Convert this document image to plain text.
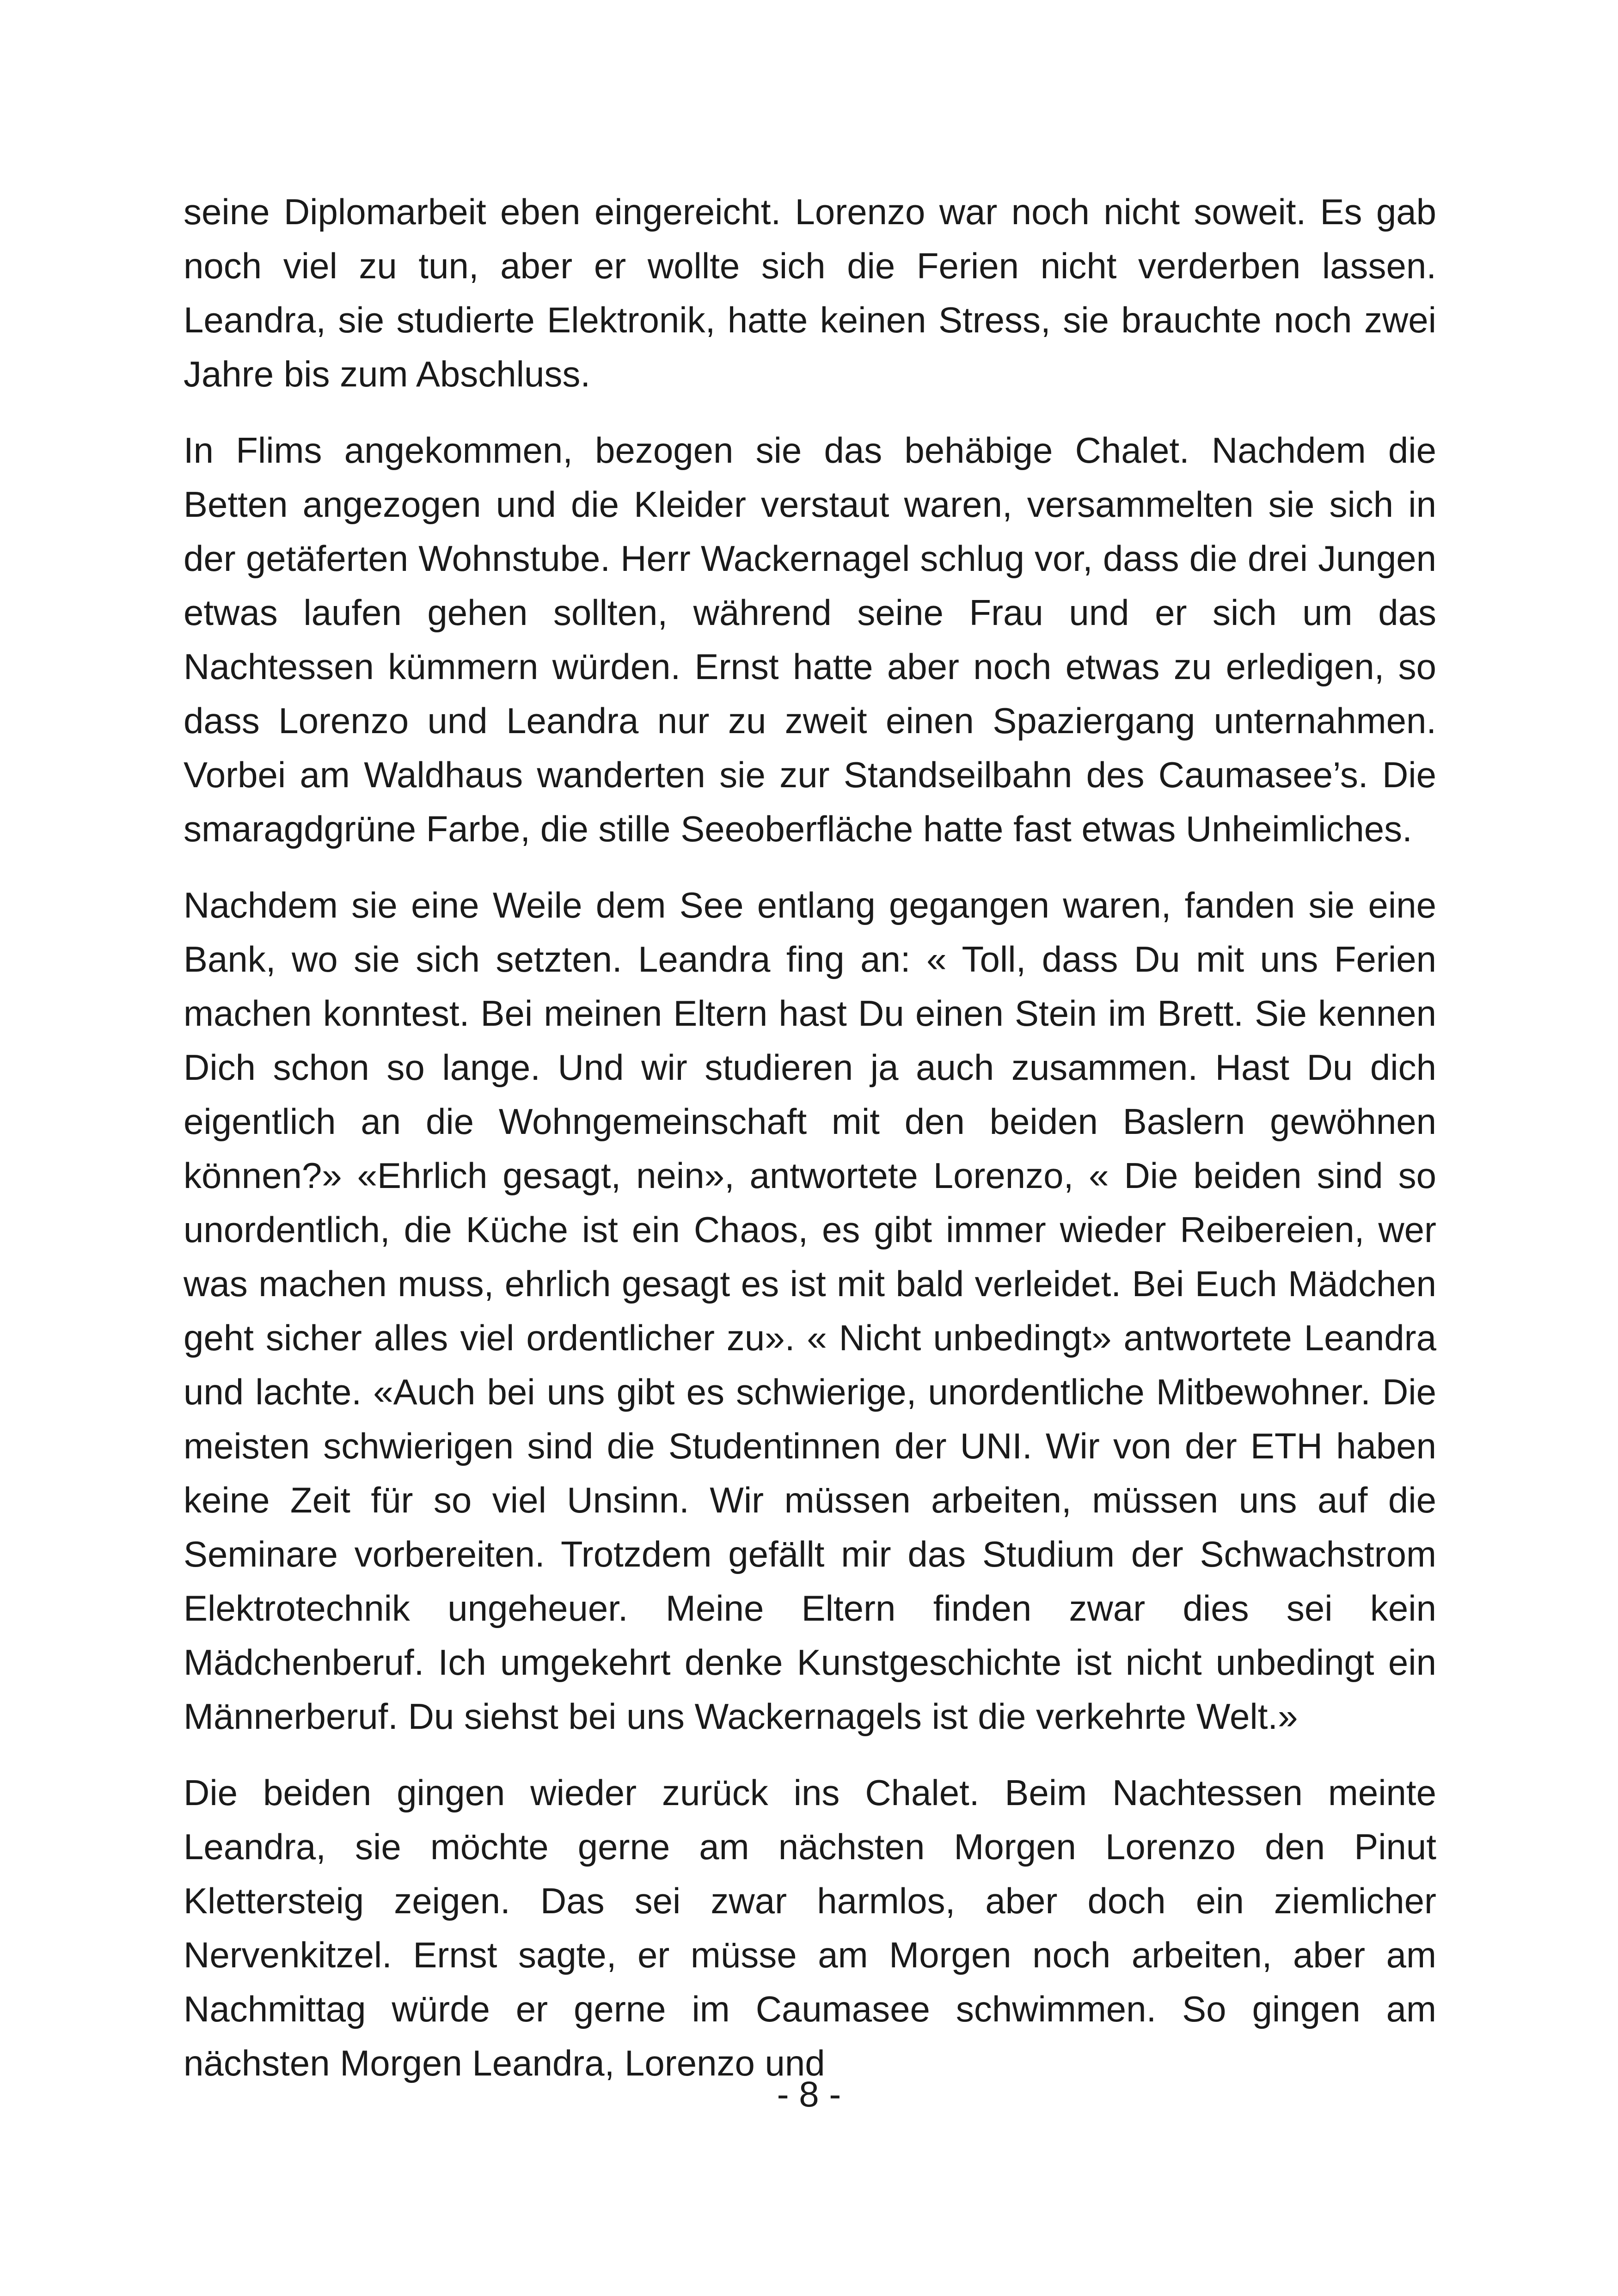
seine Diplomarbeit eben eingereicht. Lorenzo war noch nicht soweit. Es gab noch viel zu tun, aber er wollte sich die Ferien nicht verderben lassen. Leandra, sie studierte Elektronik, hatte keinen Stress, sie brauchte noch zwei Jahre bis zum Abschluss.

In Flims angekommen, bezogen sie das behäbige Chalet. Nachdem die Betten angezogen und die Kleider verstaut waren, versammelten sie sich in der getäferten Wohnstube. Herr Wackernagel schlug vor, dass die drei Jungen etwas laufen gehen sollten, während seine Frau und er sich um das Nachtessen kümmern würden. Ernst hatte aber noch etwas zu erledigen, so dass Lorenzo und Leandra nur zu zweit einen Spaziergang unternahmen. Vorbei am Waldhaus wanderten sie zur Standseilbahn des Caumasee’s. Die smaragdgrüne Farbe, die stille Seeoberfläche hatte fast etwas Unheimliches.

Nachdem sie eine Weile dem See entlang gegangen waren, fanden sie eine Bank, wo sie sich setzten. Leandra fing an: « Toll, dass Du mit uns Ferien machen konntest. Bei meinen Eltern hast Du einen Stein im Brett. Sie kennen Dich schon so lange. Und wir studieren ja auch zusammen. Hast Du dich eigentlich an die Wohngemeinschaft mit den beiden Baslern gewöhnen können?» «Ehrlich gesagt, nein», antwortete Lorenzo, « Die beiden sind so unordentlich, die Küche ist ein Chaos, es gibt immer wieder Reibereien, wer was machen muss, ehrlich gesagt es ist mit bald verleidet. Bei Euch Mädchen geht sicher alles viel ordentlicher zu». « Nicht unbedingt» antwortete Leandra und lachte. «Auch bei uns gibt es schwierige, unordentliche Mitbewohner. Die meisten schwierigen sind die Studentinnen der UNI. Wir von der ETH haben keine Zeit für so viel Unsinn. Wir müssen arbeiten, müssen uns auf die Seminare vorbereiten. Trotzdem gefällt mir das Studium der Schwachstrom Elektrotechnik ungeheuer. Meine Eltern finden zwar dies sei kein Mädchenberuf. Ich umgekehrt denke Kunstgeschichte ist nicht unbedingt ein Männerberuf. Du siehst bei uns Wackernagels ist die verkehrte Welt.»

Die beiden gingen wieder zurück ins Chalet. Beim Nachtessen meinte Leandra, sie möchte gerne am nächsten Morgen Lorenzo den Pinut Klettersteig zeigen. Das sei zwar harmlos, aber doch ein ziemlicher Nervenkitzel. Ernst sagte, er müsse am Morgen noch arbeiten, aber am Nachmittag würde er gerne im Caumasee schwimmen. So gingen am nächsten Morgen Leandra, Lorenzo und

- 8 -
